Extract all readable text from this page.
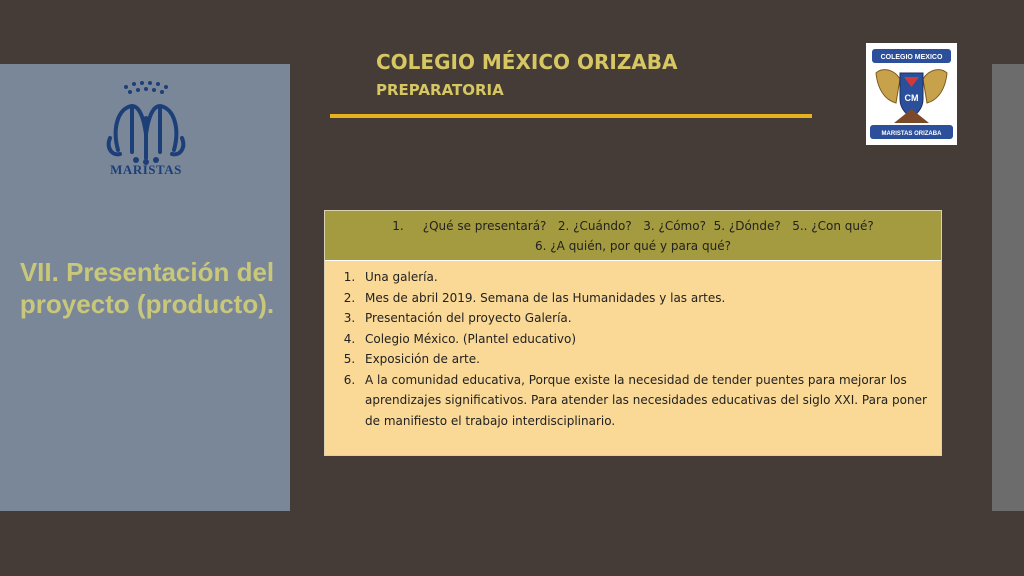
MARISTAS
VII. Presentación del proyecto (producto).
COLEGIO MÉXICO ORIZABA
PREPARATORIA
COLEGIO MEXICO
CM
MARISTAS ORIZABA
1.     ¿Qué se presentará?   2. ¿Cuándo?   3. ¿Cómo?  5. ¿Dónde?   5.. ¿Con qué?
6. ¿A quién, por qué y para qué?
1. Una galería.
2. Mes de abril 2019. Semana de las Humanidades y las artes.
3. Presentación del proyecto Galería.
4. Colegio México. (Plantel educativo)
5. Exposición de arte.
6. A la comunidad educativa, Porque existe la necesidad de tender puentes para mejorar los aprendizajes significativos. Para atender las necesidades educativas del siglo XXI. Para poner de manifiesto el trabajo interdisciplinario.
